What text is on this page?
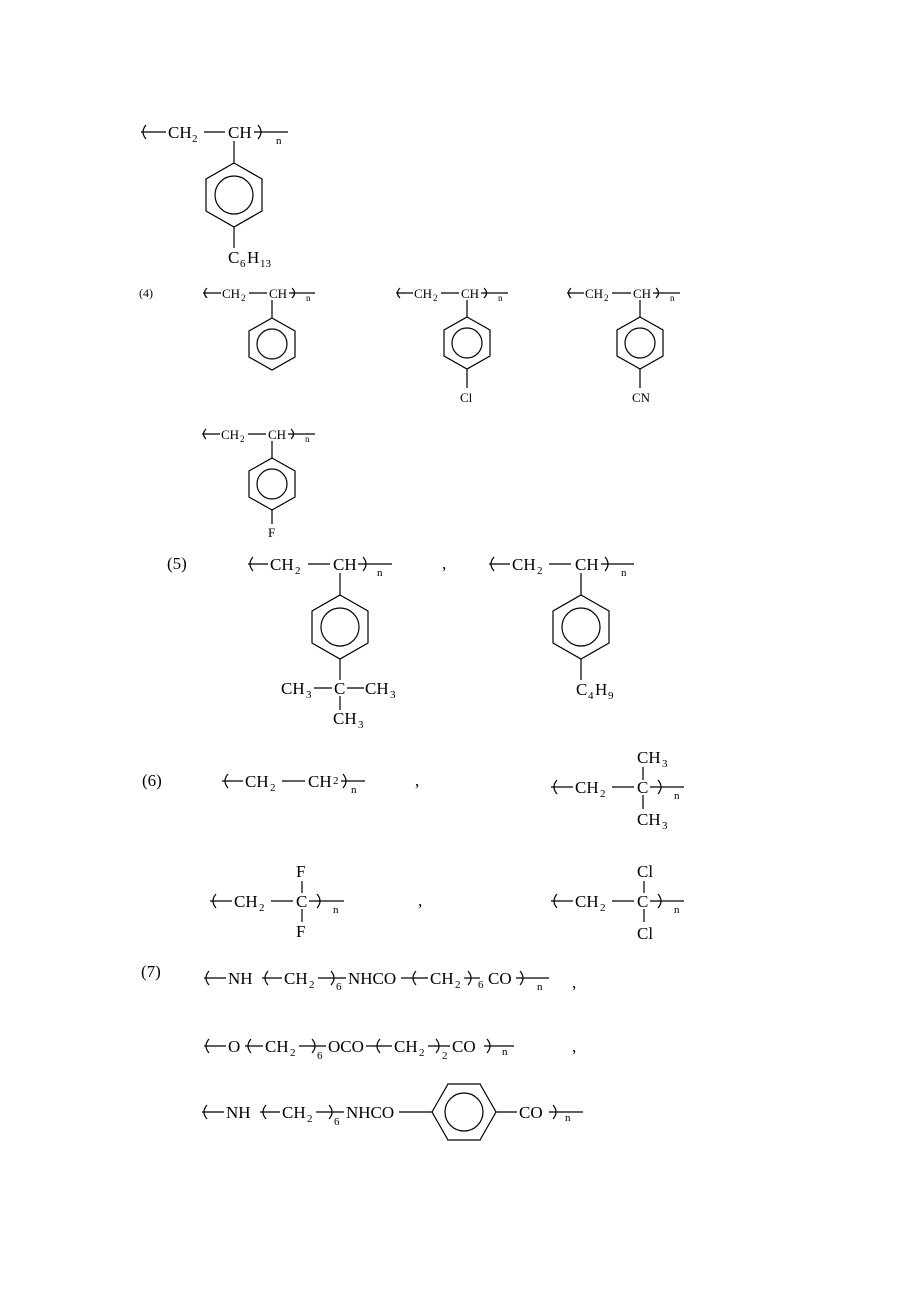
CH 2 CH n
C 6 H 13
(4)	CH 2 CH n	CH 2 CH n
Cl
CH 2 CH n
CN
CH 2 CH n
F
(5)	CH 2 CH n
CH 3 C CH 3
CH 3
,	CH 2 CH n
C 4 H 9
(6)	CH 2 CH 2
n	,
CH 3
CH 2 C n
CH 3
F
CH 2 C n
F
,
Cl
CH 2 C n
Cl
(7)	NH CH 2 6 NHCO CH 2 6 CO n ,
O CH 2 6 OCO CH 2 2 CO n	,
NH CH 2 6 NHCO	CO n
